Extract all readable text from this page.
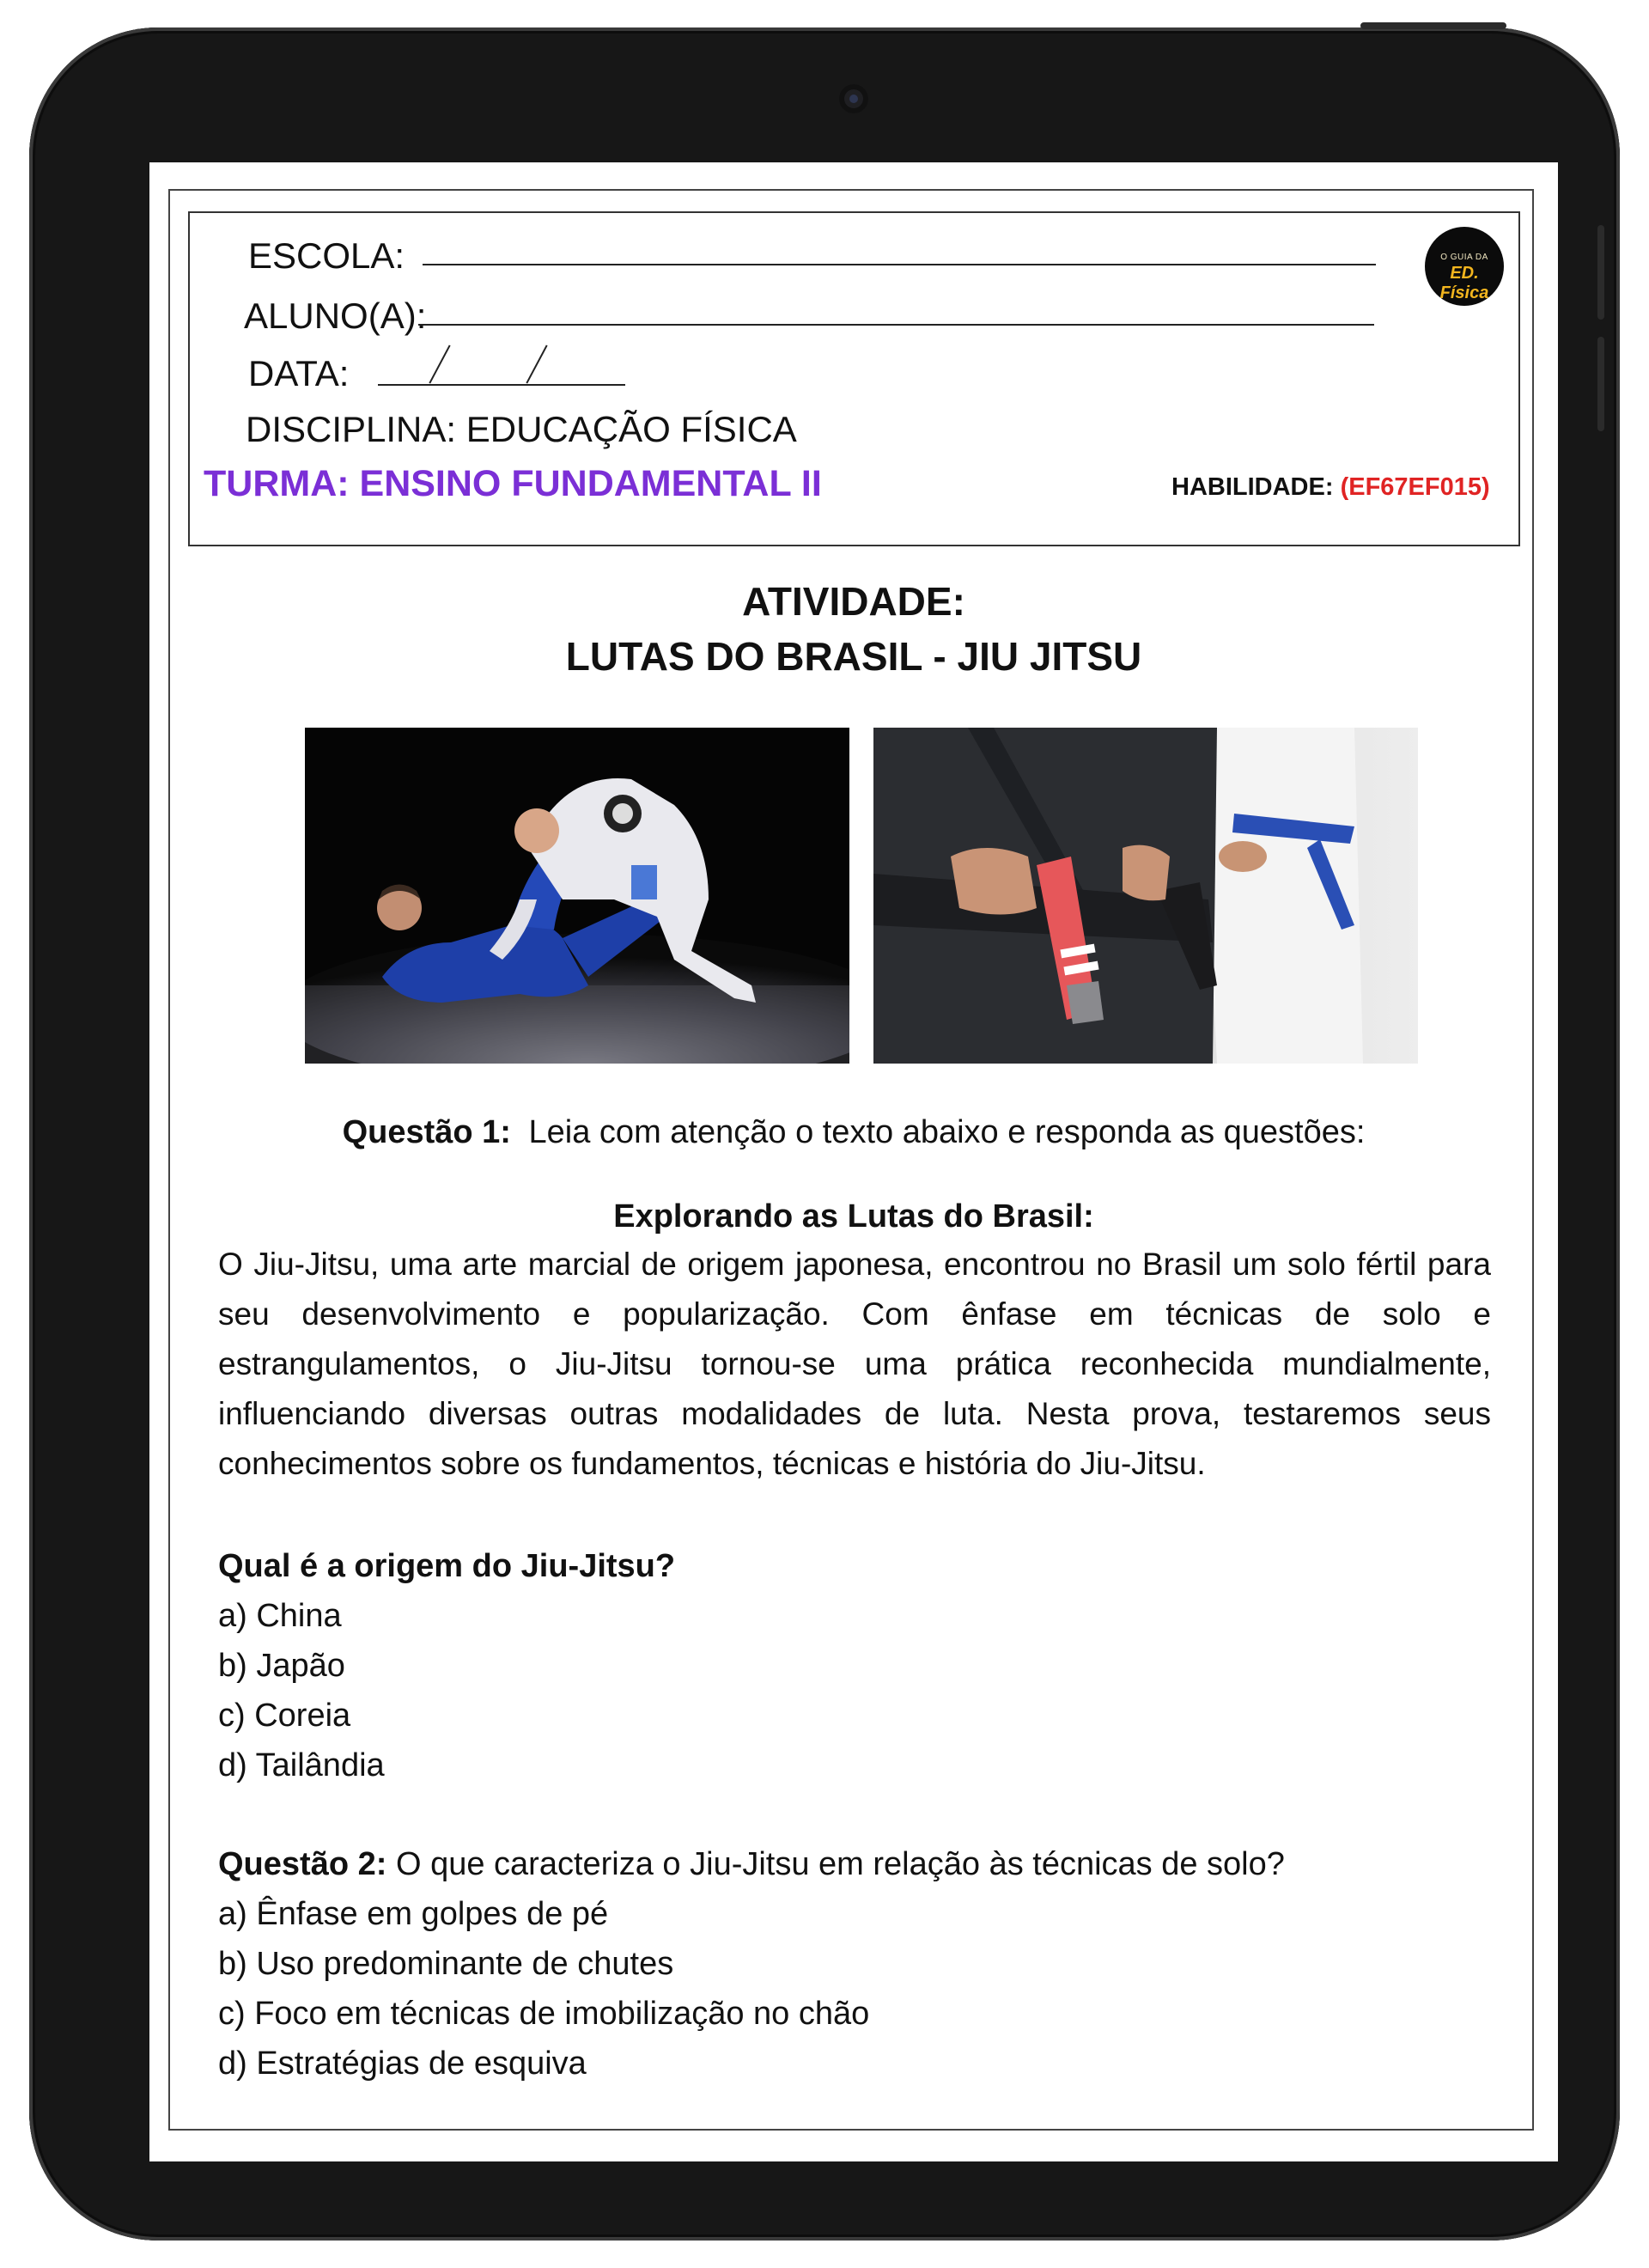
ESCOLA:
ALUNO(A):
DATA:
DISCIPLINA: EDUCAÇÃO FÍSICA
TURMA: ENSINO FUNDAMENTAL II	HABILIDADE: (EF67EF015)
O GUIA DA
ED. Física
ATIVIDADE:
LUTAS DO BRASIL - JIU JITSU
Questão 1: Leia com atenção o texto abaixo e responda as questões:
Explorando as Lutas do Brasil:
O Jiu-Jitsu, uma arte marcial de origem japonesa, encontrou no Brasil um solo fértil para seu desenvolvimento e popularização. Com ênfase em técnicas de solo e estrangulamentos, o Jiu-Jitsu tornou-se uma prática reconhecida mundialmente, influenciando diversas outras modalidades de luta. Nesta prova, testaremos seus conhecimentos sobre os fundamentos, técnicas e história do Jiu-Jitsu.
Qual é a origem do Jiu-Jitsu?
a) China
b) Japão
c) Coreia
d) Tailândia
Questão 2: O que caracteriza o Jiu-Jitsu em relação às técnicas de solo?
a) Ênfase em golpes de pé
b) Uso predominante de chutes
c) Foco em técnicas de imobilização no chão
d) Estratégias de esquiva
